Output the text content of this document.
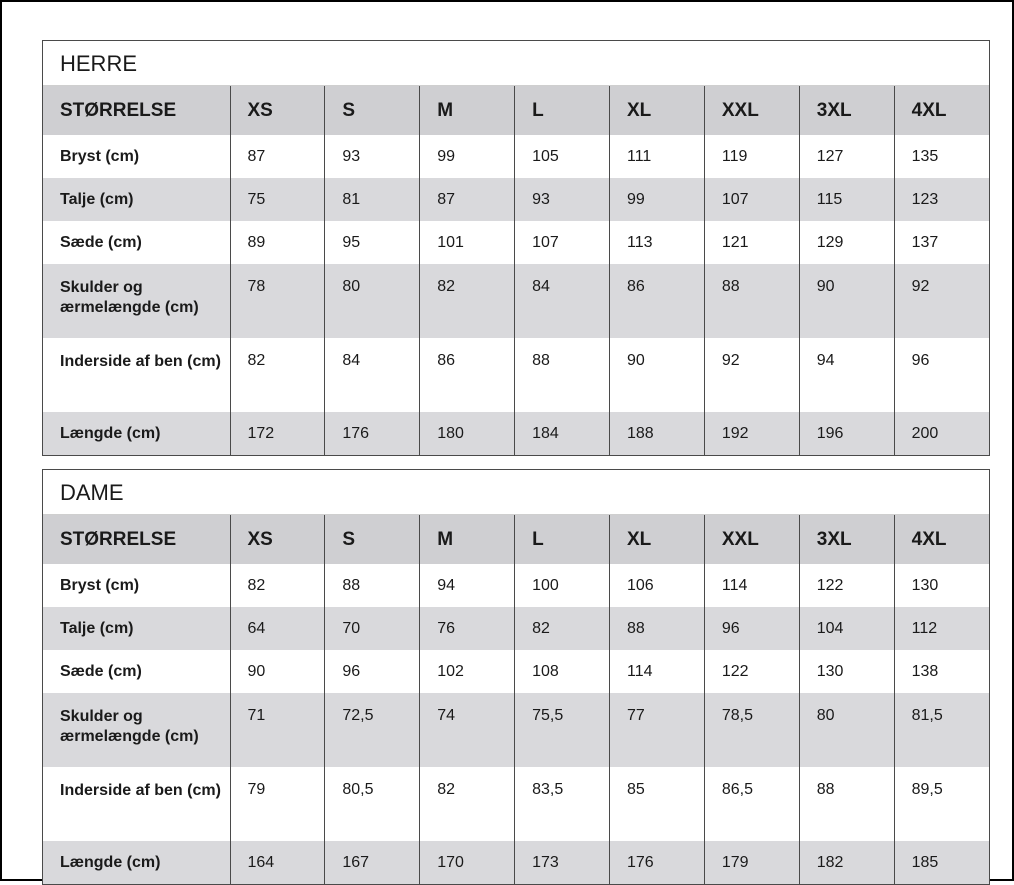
HERRE
STØRRELSE	XS	S	M	L	XL	XXL	3XL	4XL
Bryst (cm)	87	93	99	105	111	119	127	135
Talje (cm)	75	81	87	93	99	107	115	123
Sæde (cm)	89	95	101	107	113	121	129	137
Skulder og ærmelængde (cm)	78	80	82	84	86	88	90	92
Inderside af ben (cm)	82	84	86	88	90	92	94	96
Længde (cm)	172	176	180	184	188	192	196	200
DAME
STØRRELSE	XS	S	M	L	XL	XXL	3XL	4XL
Bryst (cm)	82	88	94	100	106	114	122	130
Talje (cm)	64	70	76	82	88	96	104	112
Sæde (cm)	90	96	102	108	114	122	130	138
Skulder og ærmelængde (cm)	71	72,5	74	75,5	77	78,5	80	81,5
Inderside af ben (cm)	79	80,5	82	83,5	85	86,5	88	89,5
Længde (cm)	164	167	170	173	176	179	182	185
